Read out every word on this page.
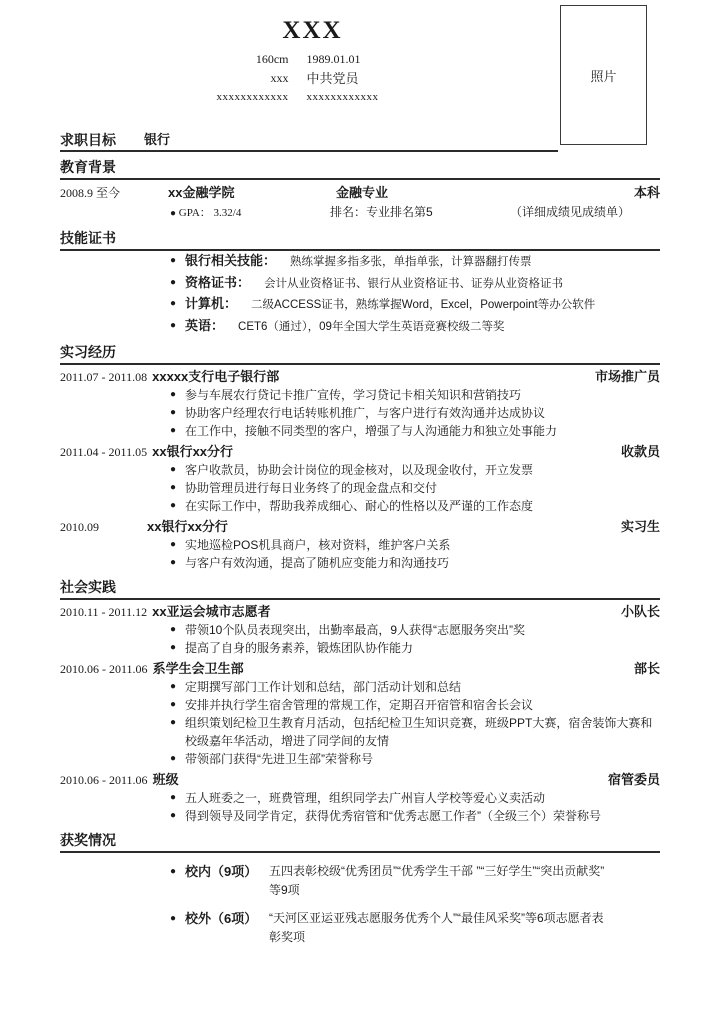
XXX
160cm	1989.01.01
xxx	中共党员
xxxxxxxxxxxx	xxxxxxxxxxxx
照片
求职目标 银行
教育背景
2008.9 至今	xx金融学院	金融专业	本科
● GPA： 3.32/4	排名：专业排名第5	（详细成绩见成绩单）
技能证书
● 银行相关技能： 熟练掌握多指多张，单指单张，计算器翻打传票
● 资格证书： 会计从业资格证书、银行从业资格证书、证券从业资格证书
● 计算机： 二级ACCESS证书，熟练掌握Word，Excel，Powerpoint等办公软件
● 英语： CET6（通过），09年全国大学生英语竞赛校级二等奖
实习经历
2011.07 - 2011.08 xxxxx支行电子银行部	市场推广员
● 参与车展农行贷记卡推广宣传，学习贷记卡相关知识和营销技巧
● 协助客户经理农行电话转账机推广，与客户进行有效沟通并达成协议
● 在工作中，接触不同类型的客户，增强了与人沟通能力和独立处事能力
2011.04 - 2011.05 xx银行xx分行	收款员
● 客户收款员，协助会计岗位的现金核对，以及现金收付，开立发票
● 协助管理员进行每日业务终了的现金盘点和交付
● 在实际工作中，帮助我养成细心、耐心的性格以及严谨的工作态度
2010.09	xx银行xx分行	实习生
● 实地巡检POS机具商户，核对资料，维护客户关系
● 与客户有效沟通，提高了随机应变能力和沟通技巧
社会实践
2010.11 - 2011.12 xx亚运会城市志愿者	小队长
● 带领10个队员表现突出，出勤率最高，9人获得“志愿服务突出”奖
● 提高了自身的服务素养，锻炼团队协作能力
2010.06 - 2011.06 系学生会卫生部	部长
● 定期撰写部门工作计划和总结，部门活动计划和总结
● 安排并执行学生宿舍管理的常规工作，定期召开宿管和宿舍长会议
● 组织策划纪检卫生教育月活动，包括纪检卫生知识竞赛，班级PPT大赛，宿舍装饰大赛和校级嘉年华活动，增进了同学间的友情
● 带领部门获得“先进卫生部”荣誉称号
2010.06 - 2011.06 班级	宿管委员
● 五人班委之一，班费管理，组织同学去广州盲人学校等爱心义卖活动
● 得到领导及同学肯定，获得优秀宿管和“优秀志愿工作者”（全级三个）荣誉称号
获奖情况
● 校内（9项） 五四表彰校级“优秀团员”“优秀学生干部 ”“三好学生”“突出贡献奖”等9项
● 校外（6项） “天河区亚运亚残志愿服务优秀个人”“最佳风采奖”等6项志愿者表彰奖项
